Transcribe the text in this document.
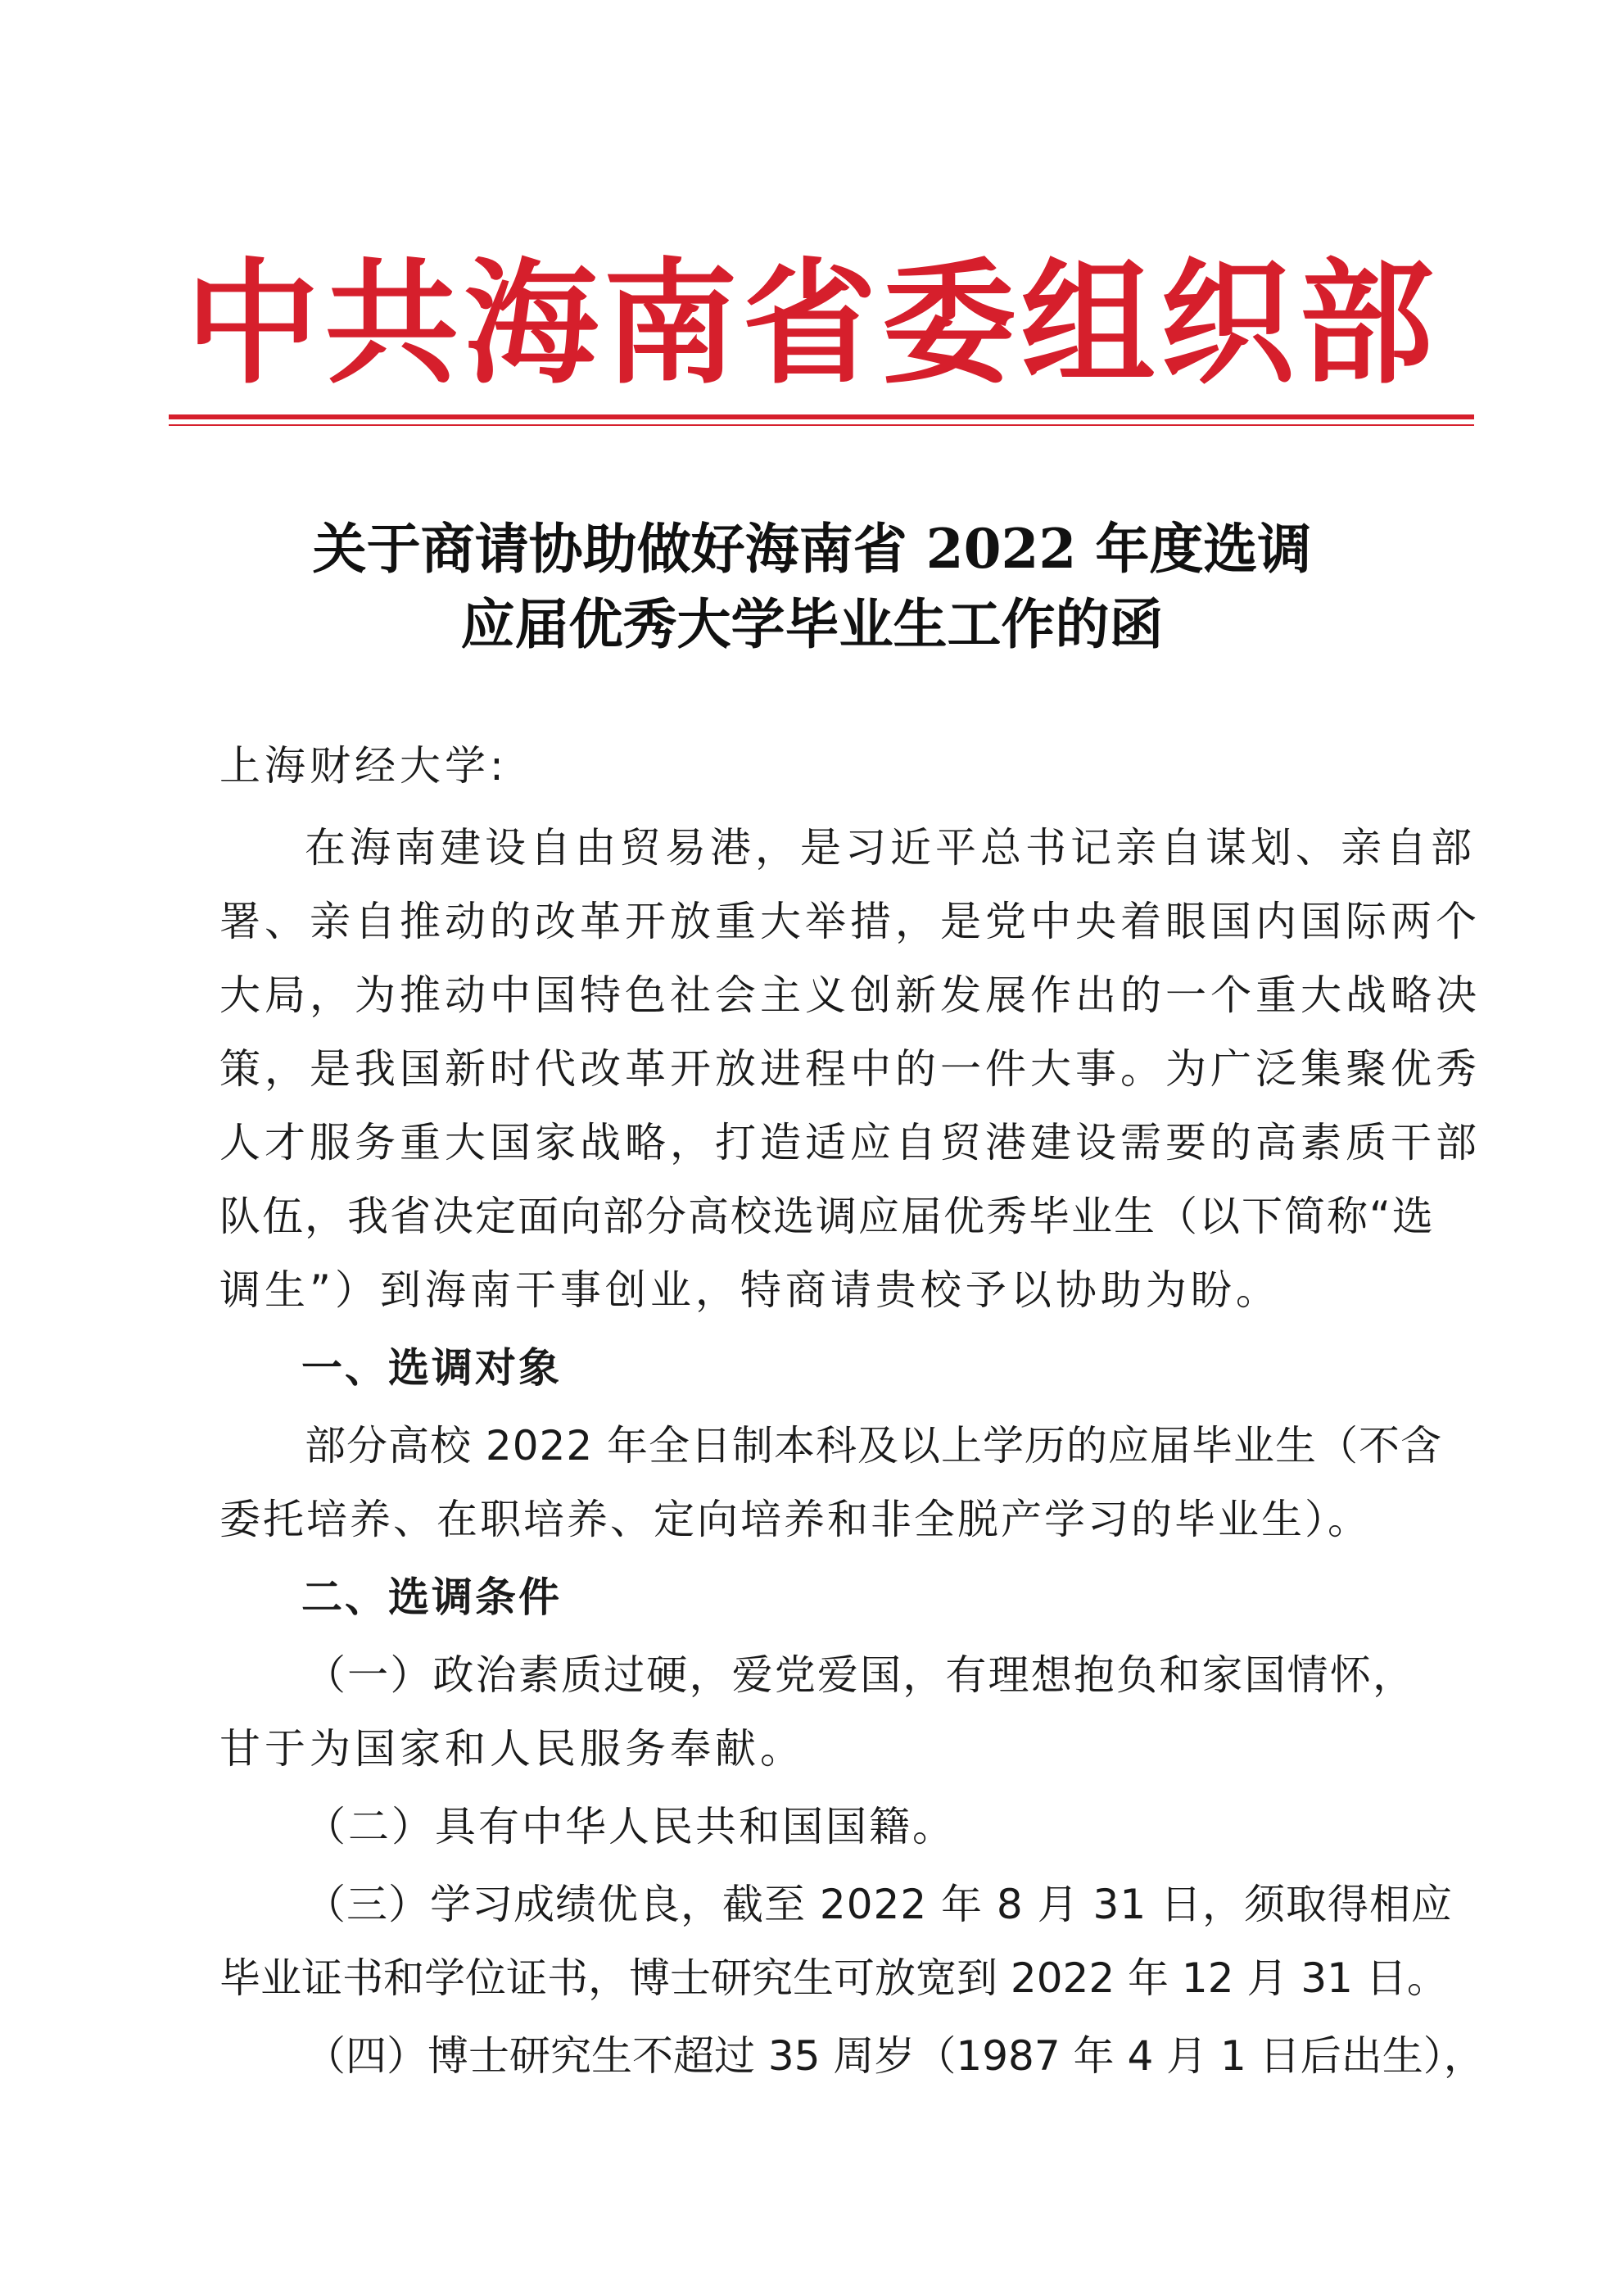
中共海南省委组织部
关于商请协助做好海南省 2022 年度选调
应届优秀大学毕业生工作的函
上海财经大学:
在海南建设自由贸易港，是习近平总书记亲自谋划、亲自部
署、亲自推动的改革开放重大举措，是党中央着眼国内国际两个
大局，为推动中国特色社会主义创新发展作出的一个重大战略决
策，是我国新时代改革开放进程中的一件大事。为广泛集聚优秀
人才服务重大国家战略，打造适应自贸港建设需要的高素质干部
队伍，我省决定面向部分高校选调应届优秀毕业生（以下简称“选
调生”）到海南干事创业，特商请贵校予以协助为盼。
一、选调对象
部分高校 2022 年全日制本科及以上学历的应届毕业生（不含
委托培养、在职培养、定向培养和非全脱产学习的毕业生）。
二、选调条件
（一）政治素质过硬，爱党爱国，有理想抱负和家国情怀，
甘于为国家和人民服务奉献。
（二）具有中华人民共和国国籍。
（三）学习成绩优良，截至 2022 年 8 月 31 日，须取得相应
毕业证书和学位证书，博士研究生可放宽到 2022 年 12 月 31 日。
（四）博士研究生不超过 35 周岁（1987 年 4 月 1 日后出生），
